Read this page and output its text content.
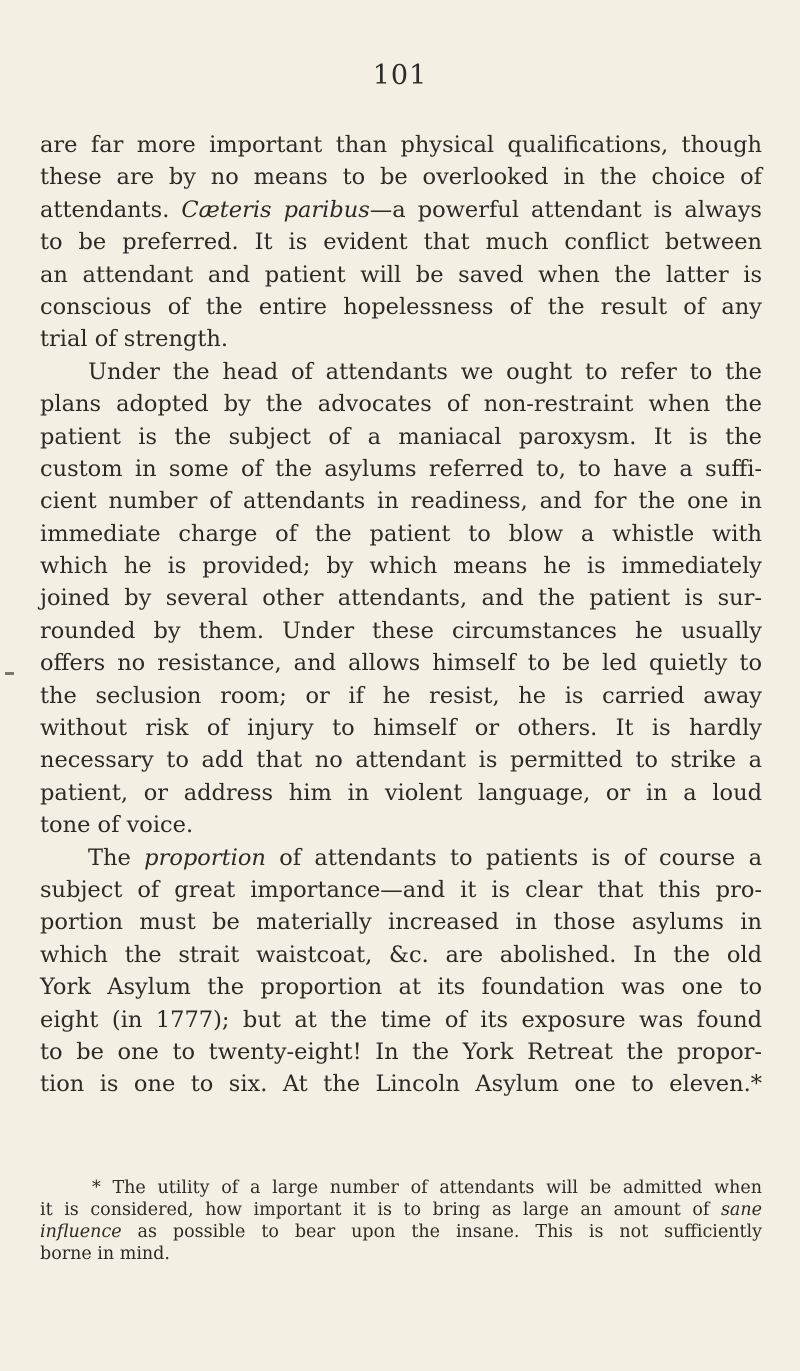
101
are far more important than physical qualifications, though
these are by no means to be overlooked in the choice of
attendants. Cæteris paribus—a powerful attendant is always
to be preferred. It is evident that much conflict between
an attendant and patient will be saved when the latter is
conscious of the entire hopelessness of the result of any
trial of strength.
Under the head of attendants we ought to refer to the
plans adopted by the advocates of non-restraint when the
patient is the subject of a maniacal paroxysm. It is the
custom in some of the asylums referred to, to have a suffi-
cient number of attendants in readiness, and for the one in
immediate charge of the patient to blow a whistle with
which he is provided; by which means he is immediately
joined by several other attendants, and the patient is sur-
rounded by them. Under these circumstances he usually
offers no resistance, and allows himself to be led quietly to
the seclusion room; or if he resist, he is carried away
without risk of injury to himself or others. It is hardly
necessary to add that no attendant is permitted to strike a
patient, or address him in violent language, or in a loud
tone of voice.
The proportion of attendants to patients is of course a
subject of great importance—and it is clear that this pro-
portion must be materially increased in those asylums in
which the strait waistcoat, &c. are abolished. In the old
York Asylum the proportion at its foundation was one to
eight (in 1777); but at the time of its exposure was found
to be one to twenty-eight! In the York Retreat the propor-
tion is one to six. At the Lincoln Asylum one to eleven.*
* The utility of a large number of attendants will be admitted when
it is considered, how important it is to bring as large an amount of sane
influence as possible to bear upon the insane. This is not sufficiently
borne in mind.
